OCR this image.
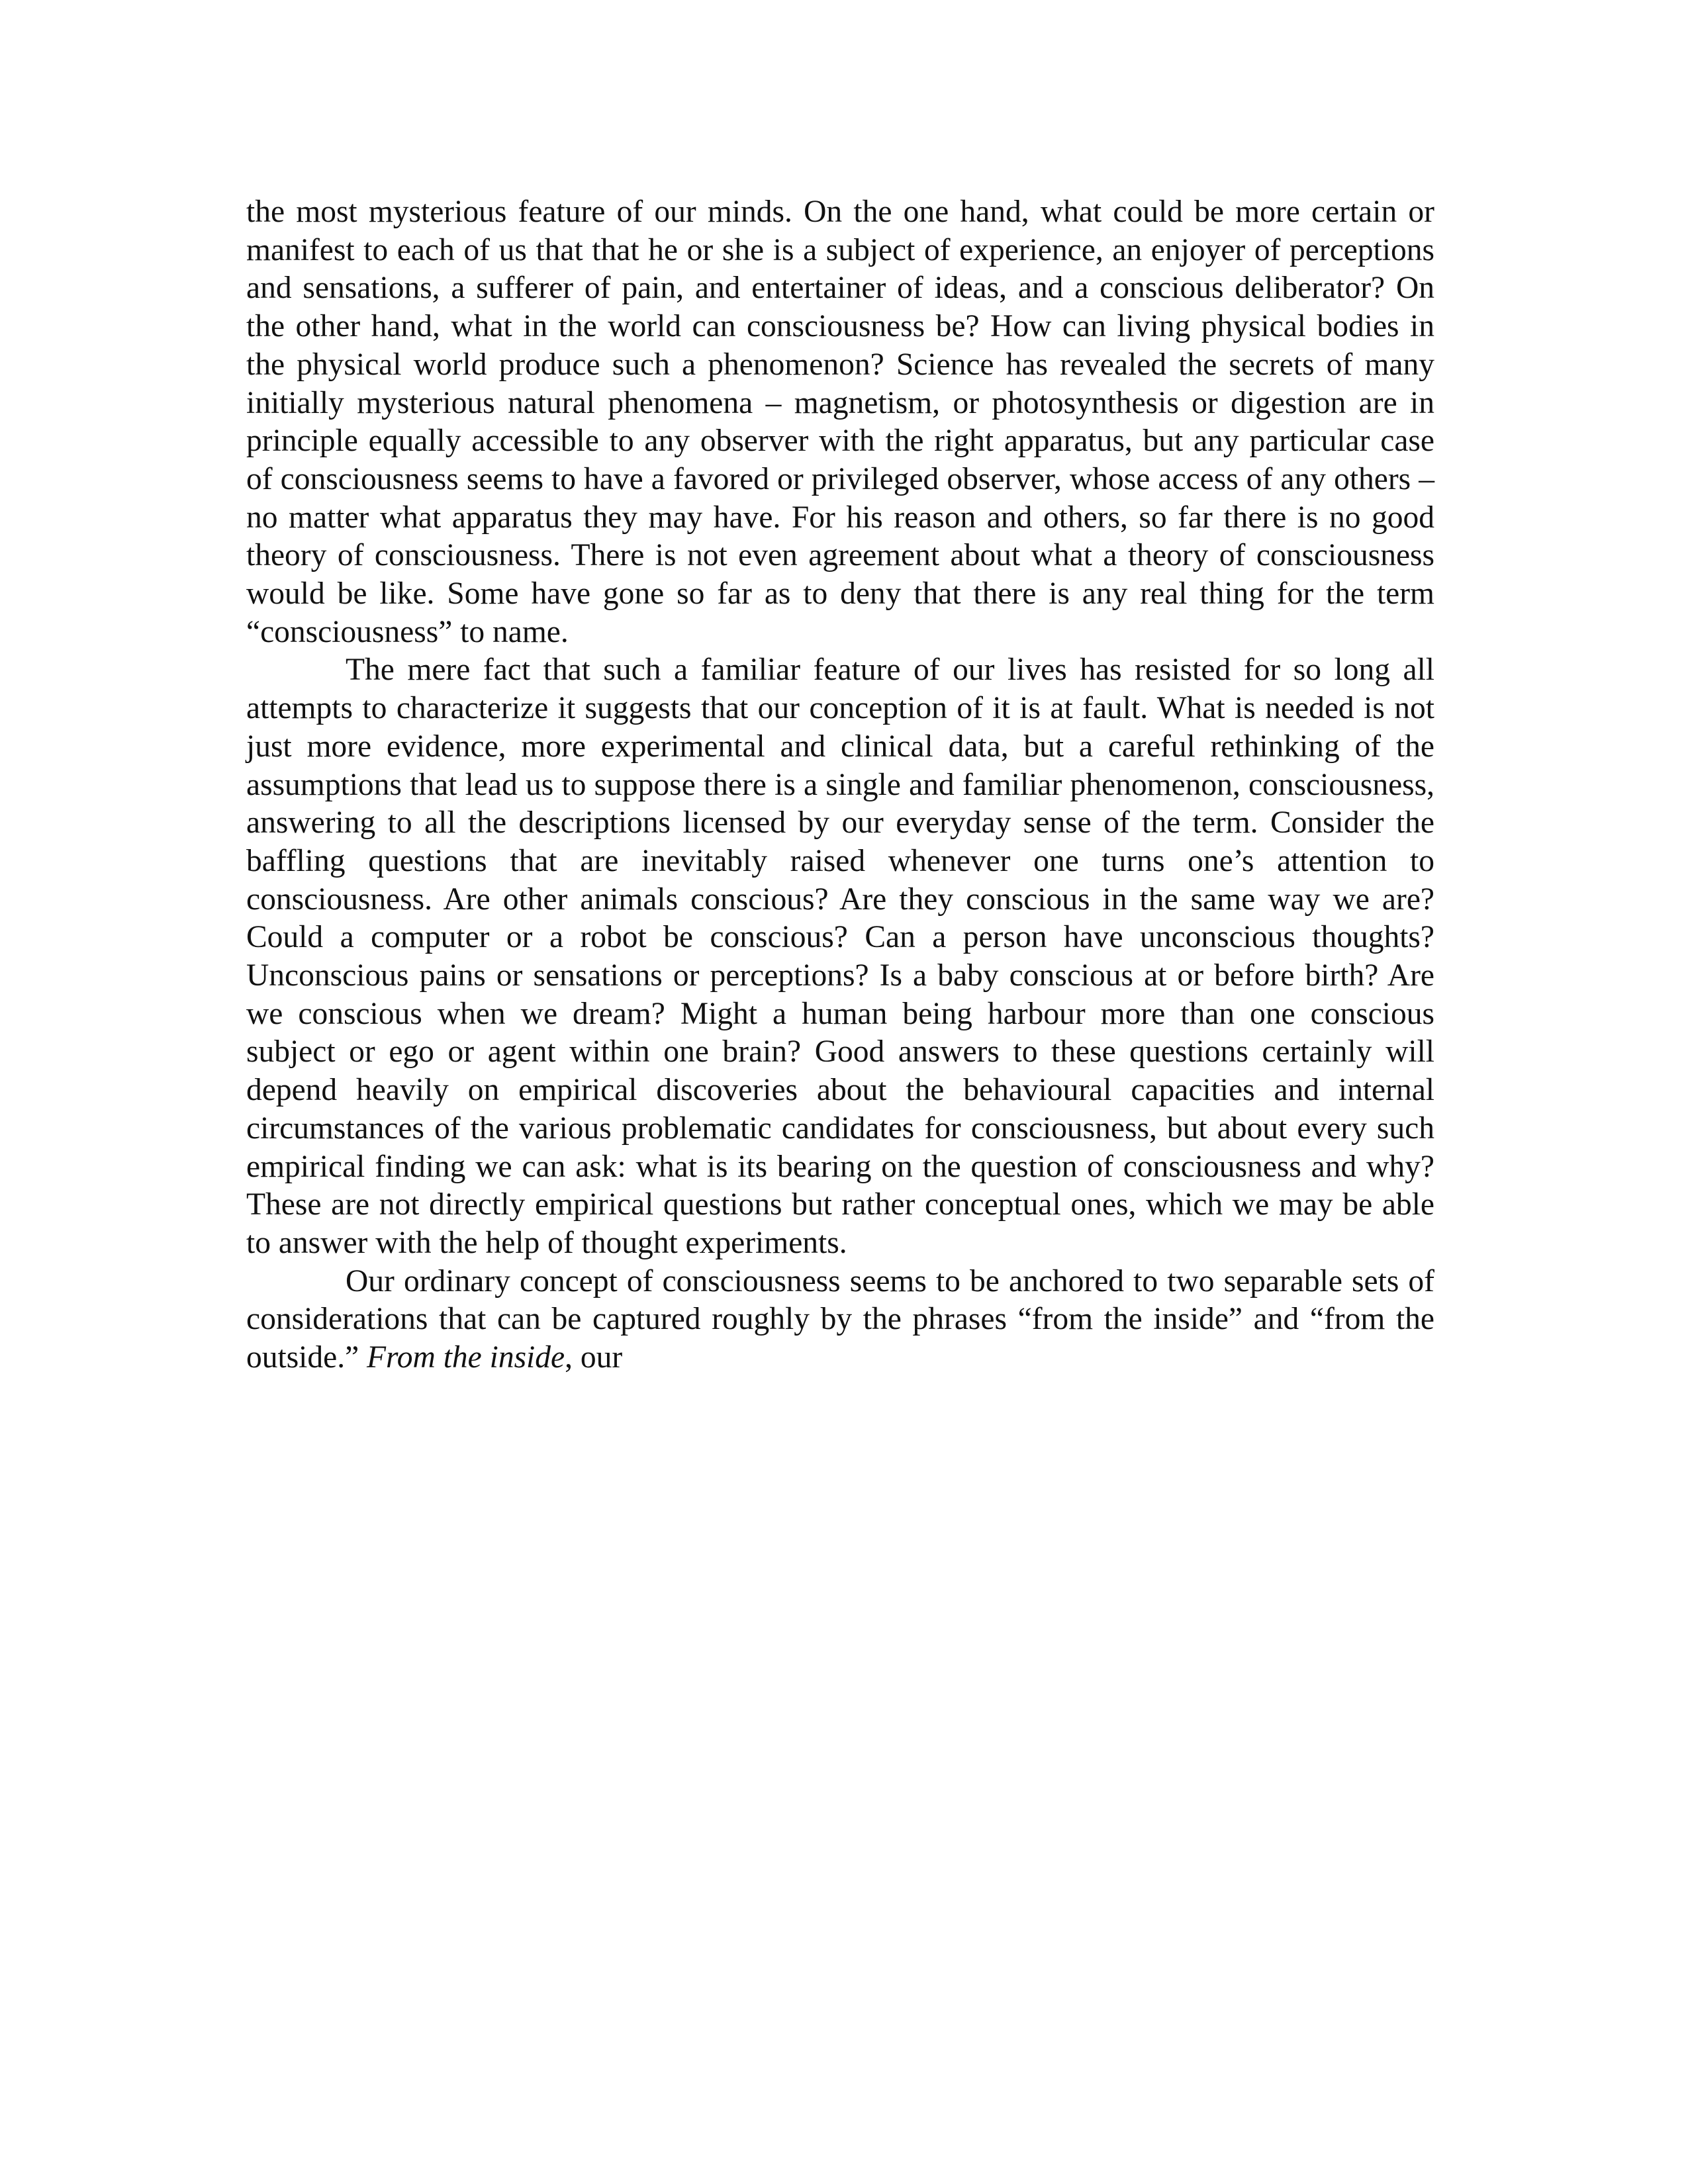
the most mysterious feature of our minds. On the one hand, what could be more certain or manifest to each of us that that he or she is a subject of experience, an enjoyer of perceptions and sensations, a sufferer of pain, and entertainer of ideas, and a conscious deliberator? On the other hand, what in the world can consciousness be? How can living physical bodies in the physical world produce such a phenomenon? Science has revealed the secrets of many initially mysterious natural phenomena – magnetism, or photosynthesis or digestion are in principle equally accessible to any observer with the right apparatus, but any particular case of consciousness seems to have a favored or privileged observer, whose access of any others – no matter what apparatus they may have. For his reason and others, so far there is no good theory of consciousness. There is not even agreement about what a theory of consciousness would be like. Some have gone so far as to deny that there is any real thing for the term “consciousness” to name.

The mere fact that such a familiar feature of our lives has resisted for so long all attempts to characterize it suggests that our conception of it is at fault. What is needed is not just more evidence, more experimental and clinical data, but a careful rethinking of the assumptions that lead us to suppose there is a single and familiar phenomenon, consciousness, answering to all the descriptions licensed by our everyday sense of the term. Consider the baffling questions that are inevitably raised whenever one turns one’s attention to consciousness. Are other animals conscious? Are they conscious in the same way we are? Could a computer or a robot be conscious? Can a person have unconscious thoughts? Unconscious pains or sensations or perceptions? Is a baby conscious at or before birth? Are we conscious when we dream? Might a human being harbour more than one conscious subject or ego or agent within one brain? Good answers to these questions certainly will depend heavily on empirical discoveries about the behavioural capacities and internal circumstances of the various problematic candidates for consciousness, but about every such empirical finding we can ask: what is its bearing on the question of consciousness and why? These are not directly empirical questions but rather conceptual ones, which we may be able to answer with the help of thought experiments.

Our ordinary concept of consciousness seems to be anchored to two separable sets of considerations that can be captured roughly by the phrases “from the inside” and “from the outside.” From the inside, our
